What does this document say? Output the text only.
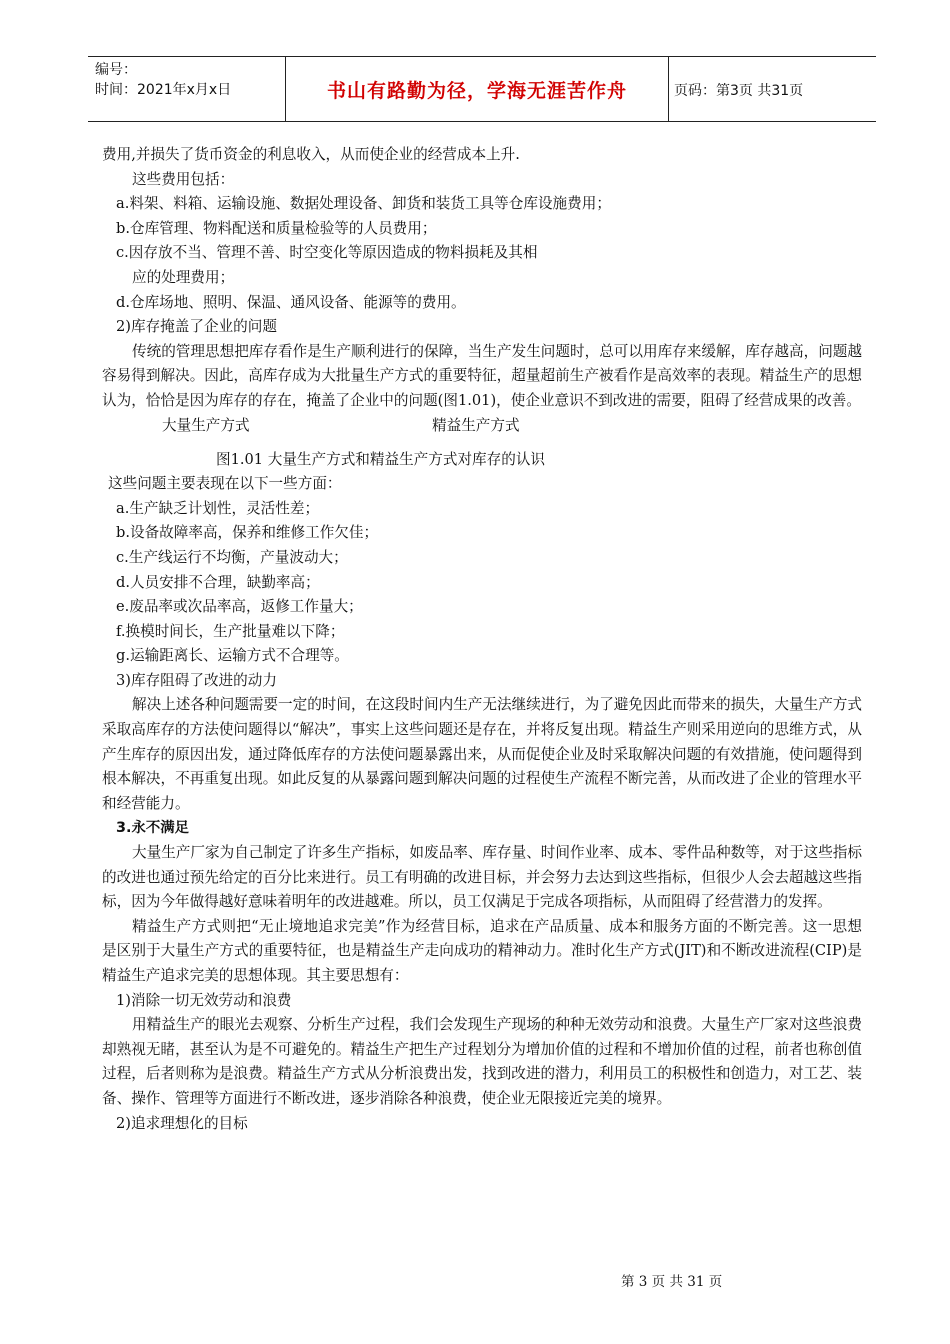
编号：
时间：2021年x月x日	书山有路勤为径，学海无涯苦作舟	页码：第3页 共31页

费用,并损失了货币资金的利息收入，从而使企业的经营成本上升.

这些费用包括：

a.料架、料箱、运输设施、数据处理设备、卸货和装货工具等仓库设施费用；

b.仓库管理、物料配送和质量检验等的人员费用；

c.因存放不当、管理不善、时空变化等原因造成的物料损耗及其相

应的处理费用；

d.仓库场地、照明、保温、通风设备、能源等的费用。

2)库存掩盖了企业的问题

传统的管理思想把库存看作是生产顺利进行的保障，当生产发生问题时，总可以用库存来缓解，库存越高，问题越容易得到解决。因此，高库存成为大批量生产方式的重要特征，超量超前生产被看作是高效率的表现。精益生产的思想认为，恰恰是因为库存的存在，掩盖了企业中的问题(图1.01)，使企业意识不到改进的需要，阻碍了经营成果的改善。

大量生产方式	精益生产方式

图1.01 大量生产方式和精益生产方式对库存的认识

这些问题主要表现在以下一些方面：

a.生产缺乏计划性，灵活性差；

b.设备故障率高，保养和维修工作欠佳；

c.生产线运行不均衡，产量波动大；

d.人员安排不合理，缺勤率高；

e.废品率或次品率高，返修工作量大；

f.换模时间长，生产批量难以下降；

g.运输距离长、运输方式不合理等。

3)库存阻碍了改进的动力

解决上述各种问题需要一定的时间，在这段时间内生产无法继续进行，为了避免因此而带来的损失，大量生产方式采取高库存的方法使问题得以“解决”，事实上这些问题还是存在，并将反复出现。精益生产则采用逆向的思维方式，从产生库存的原因出发，通过降低库存的方法使问题暴露出来，从而促使企业及时采取解决问题的有效措施，使问题得到根本解决，不再重复出现。如此反复的从暴露问题到解决问题的过程使生产流程不断完善，从而改进了企业的管理水平和经营能力。

3.永不满足

大量生产厂家为自己制定了许多生产指标，如废品率、库存量、时间作业率、成本、零件品种数等，对于这些指标的改进也通过预先给定的百分比来进行。员工有明确的改进目标，并会努力去达到这些指标，但很少人会去超越这些指标，因为今年做得越好意味着明年的改进越难。所以，员工仅满足于完成各项指标，从而阻碍了经营潜力的发挥。

精益生产方式则把“无止境地追求完美”作为经营目标，追求在产品质量、成本和服务方面的不断完善。这一思想是区别于大量生产方式的重要特征，也是精益生产走向成功的精神动力。准时化生产方式(JIT)和不断改进流程(CIP)是精益生产追求完美的思想体现。其主要思想有：

1)消除一切无效劳动和浪费

用精益生产的眼光去观察、分析生产过程，我们会发现生产现场的种种无效劳动和浪费。大量生产厂家对这些浪费却熟视无睹，甚至认为是不可避免的。精益生产把生产过程划分为增加价值的过程和不增加价值的过程，前者也称创值过程，后者则称为是浪费。精益生产方式从分析浪费出发，找到改进的潜力，利用员工的积极性和创造力，对工艺、装备、操作、管理等方面进行不断改进，逐步消除各种浪费，使企业无限接近完美的境界。

2)追求理想化的目标

第 3 页 共 31 页
